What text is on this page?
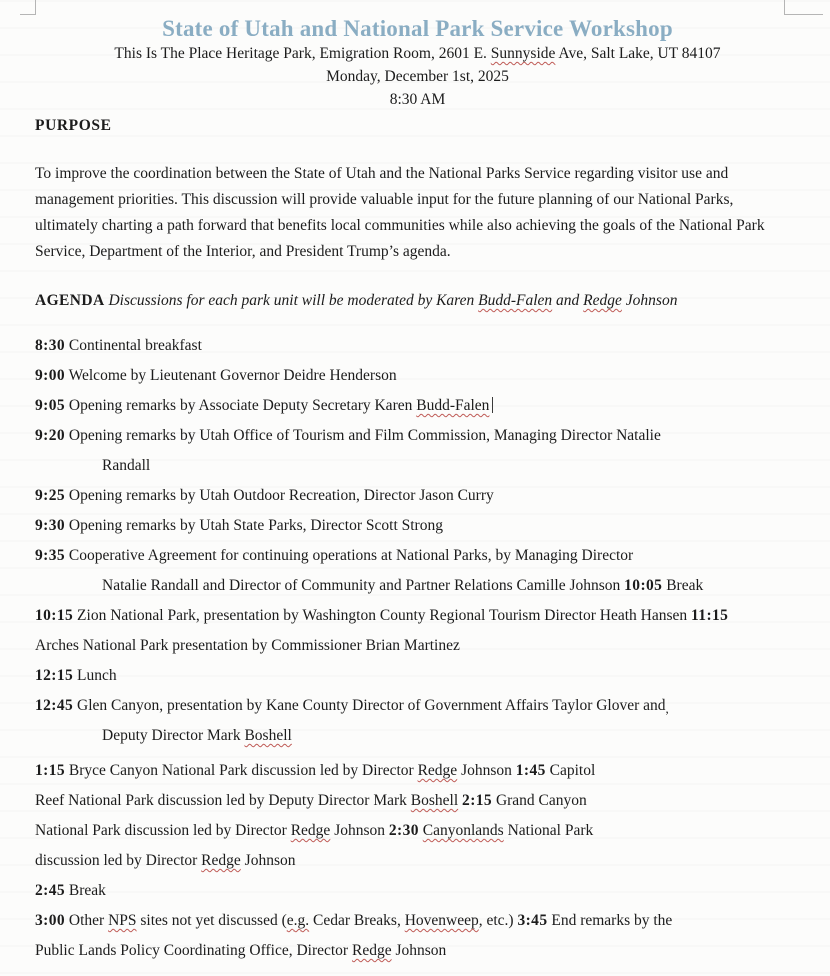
State of Utah and National Park Service Workshop
This Is The Place Heritage Park, Emigration Room, 2601 E. Sunnyside Ave, Salt Lake, UT 84107
Monday, December 1st, 2025
8:30 AM
PURPOSE
To improve the coordination between the State of Utah and the National Parks Service regarding visitor use and
management priorities. This discussion will provide valuable input for the future planning of our National Parks,
ultimately charting a path forward that benefits local communities while also achieving the goals of the National Park
Service, Department of the Interior, and President Trump’s agenda.
AGENDA Discussions for each park unit will be moderated by Karen Budd-Falen and Redge Johnson
8:30 Continental breakfast
9:00 Welcome by Lieutenant Governor Deidre Henderson
9:05 Opening remarks by Associate Deputy Secretary Karen Budd-Falen
9:20 Opening remarks by Utah Office of Tourism and Film Commission, Managing Director Natalie
Randall
9:25 Opening remarks by Utah Outdoor Recreation, Director Jason Curry
9:30 Opening remarks by Utah State Parks, Director Scott Strong
9:35 Cooperative Agreement for continuing operations at National Parks, by Managing Director
Natalie Randall and Director of Community and Partner Relations Camille Johnson 10:05 Break
10:15 Zion National Park, presentation by Washington County Regional Tourism Director Heath Hansen 11:15
Arches National Park presentation by Commissioner Brian Martinez
12:15 Lunch
12:45 Glen Canyon, presentation by Kane County Director of Government Affairs Taylor Glover and,
Deputy Director Mark Boshell
1:15 Bryce Canyon National Park discussion led by Director Redge Johnson 1:45 Capitol
Reef National Park discussion led by Deputy Director Mark Boshell 2:15 Grand Canyon
National Park discussion led by Director Redge Johnson 2:30 Canyonlands National Park
discussion led by Director Redge Johnson
2:45 Break
3:00 Other NPS sites not yet discussed (e.g. Cedar Breaks, Hovenweep, etc.) 3:45 End remarks by the
Public Lands Policy Coordinating Office, Director Redge Johnson
